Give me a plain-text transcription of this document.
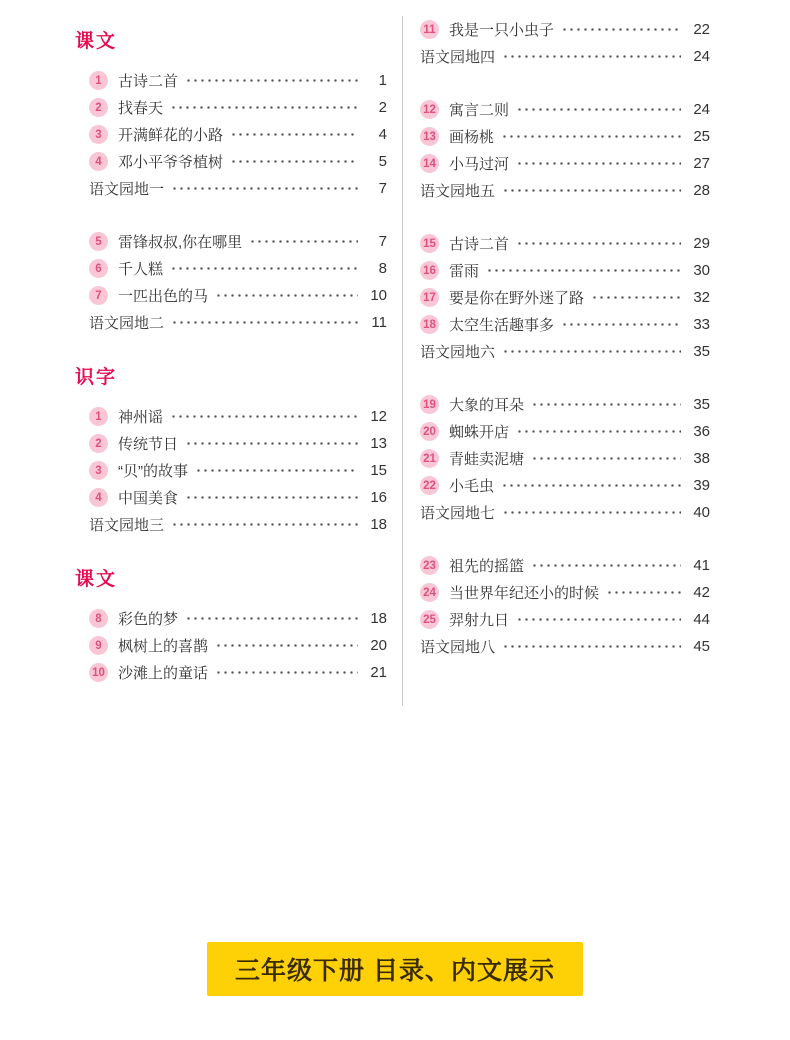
课文
1	古诗二首	1
2	找春天	2
3	开满鲜花的小路	4
4	邓小平爷爷植树	5
语文园地一	7
5	雷锋叔叔,你在哪里	7
6	千人糕	8
7	一匹出色的马	10
语文园地二	11
识字
1	神州谣	12
2	传统节日	13
3	“贝”的故事	15
4	中国美食	16
语文园地三	18
课文
8	彩色的梦	18
9	枫树上的喜鹊	20
10 沙滩上的童话	21
11 我是一只小虫子	22
语文园地四	24
12 寓言二则	24
13 画杨桃	25
14 小马过河	27
语文园地五	28
15 古诗二首	29
16 雷雨	30
17 要是你在野外迷了路	32
18 太空生活趣事多	33
语文园地六	35
19 大象的耳朵	35
20 蜘蛛开店	36
21 青蛙卖泥塘	38
22 小毛虫	39
语文园地七	40
23 祖先的摇篮	41
24 当世界年纪还小的时候	42
25 羿射九日	44
语文园地八	45
三年级下册 目录、内文展示
